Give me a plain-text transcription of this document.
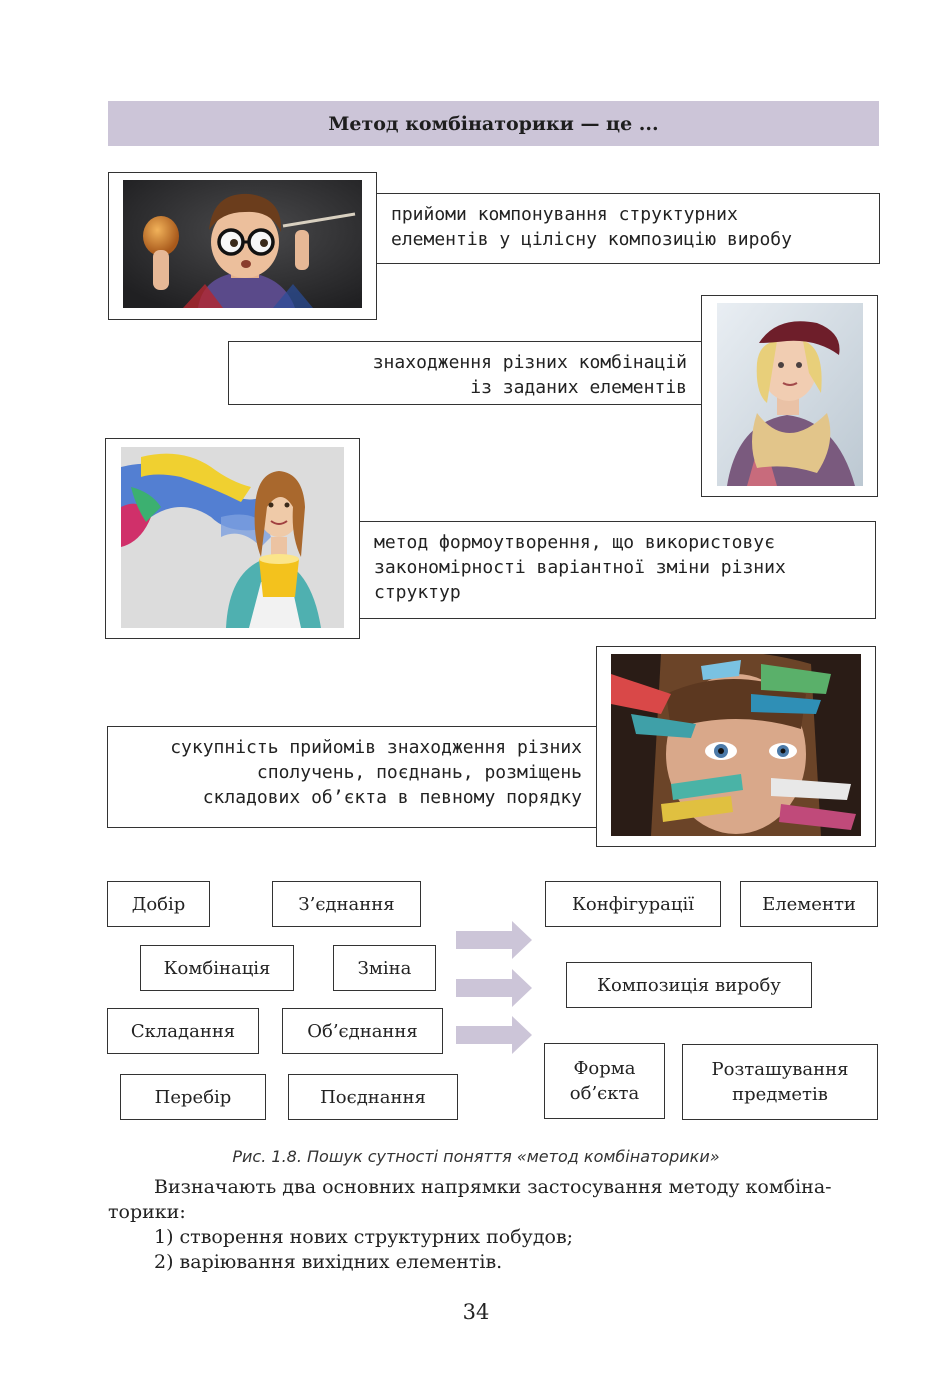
Метод комбінаторики — це ...
прийоми компонування структурних
елементів у цілісну композицію виробу
знаходження різних комбінацій
із заданих елементів
метод формоутворення, що використовує
закономірності варіантної зміни різних
структур
сукупність прийомів знаходження різних
сполучень, поєднань, розміщень
складових об’єкта в певному порядку
Добір	З’єднання
Комбінація	Зміна
Складання	Об’єднання
Перебір	Поєднання
Конфігурації	Елементи
Композиція виробу
Форма
об’єкта
Розташування
предметів
Рис. 1.8. Пошук сутності поняття «метод комбінаторики»
Визначають два основних напрямки застосування методу комбіна-
торики:
1) створення нових структурних побудов;
2) варіювання вихідних елементів.
34
